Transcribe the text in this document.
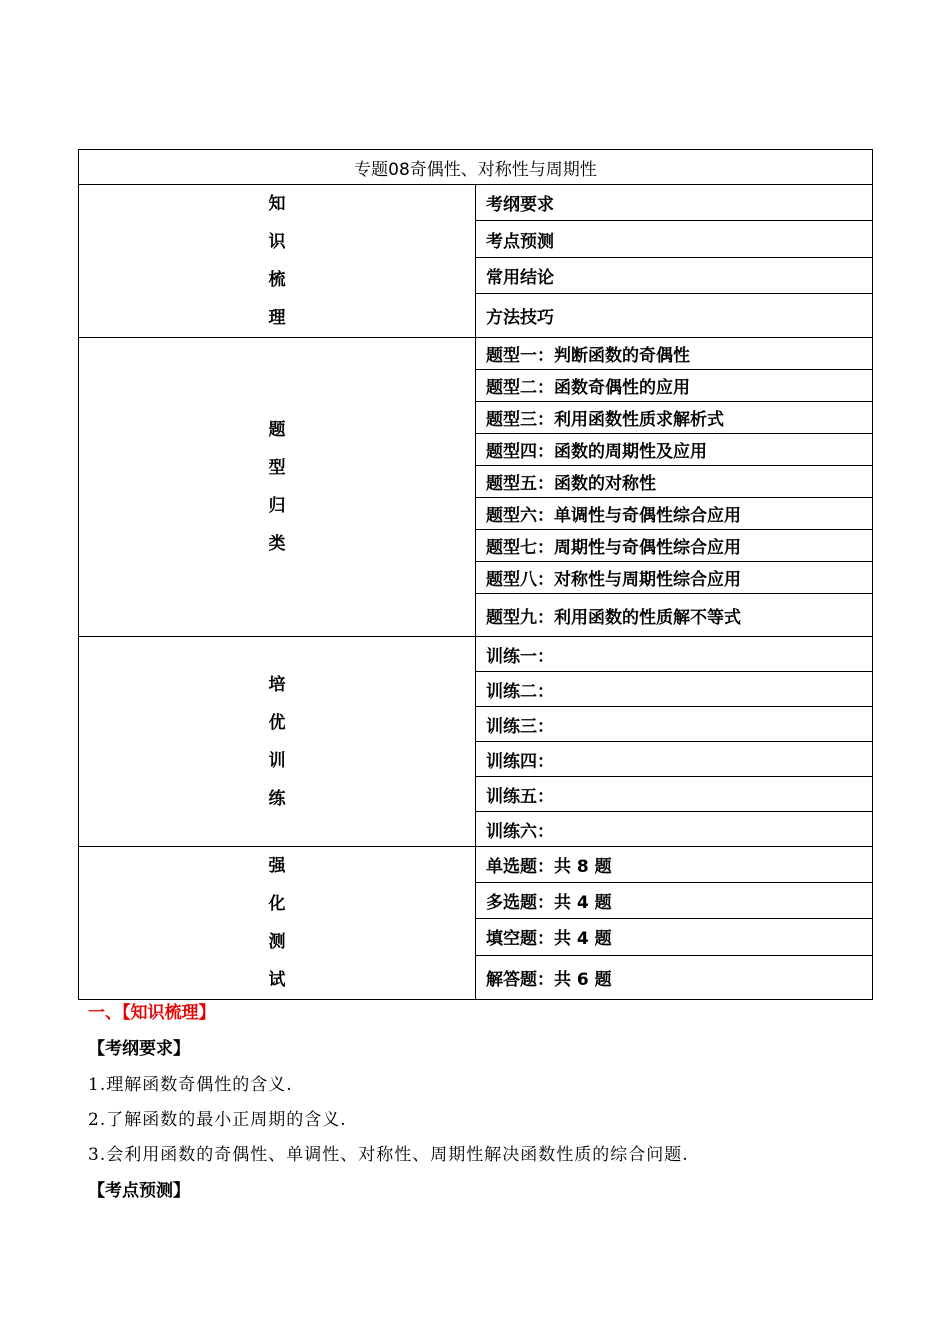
专题08奇偶性、对称性与周期性	

知
识
梳
理	考纲要求
	考点预测
	常用结论
	方法技巧

题
型
归
类	题型一：判断函数的奇偶性
	题型二：函数奇偶性的应用
	题型三：利用函数性质求解析式
	题型四：函数的周期性及应用
	题型五：函数的对称性
	题型六：单调性与奇偶性综合应用
	题型七：周期性与奇偶性综合应用
	题型八：对称性与周期性综合应用
	题型九：利用函数的性质解不等式

培
优
训
练	训练一：
	训练二：
	训练三：
	训练四：
	训练五：
	训练六：

强
化
测
试	单选题：共 8 题
	多选题：共 4 题
	填空题：共 4 题
	解答题：共 6 题
一、【知识梳理】
【考纲要求】
1.理解函数奇偶性的含义.
2.了解函数的最小正周期的含义.
3.会利用函数的奇偶性、单调性、对称性、周期性解决函数性质的综合问题.
【考点预测】
